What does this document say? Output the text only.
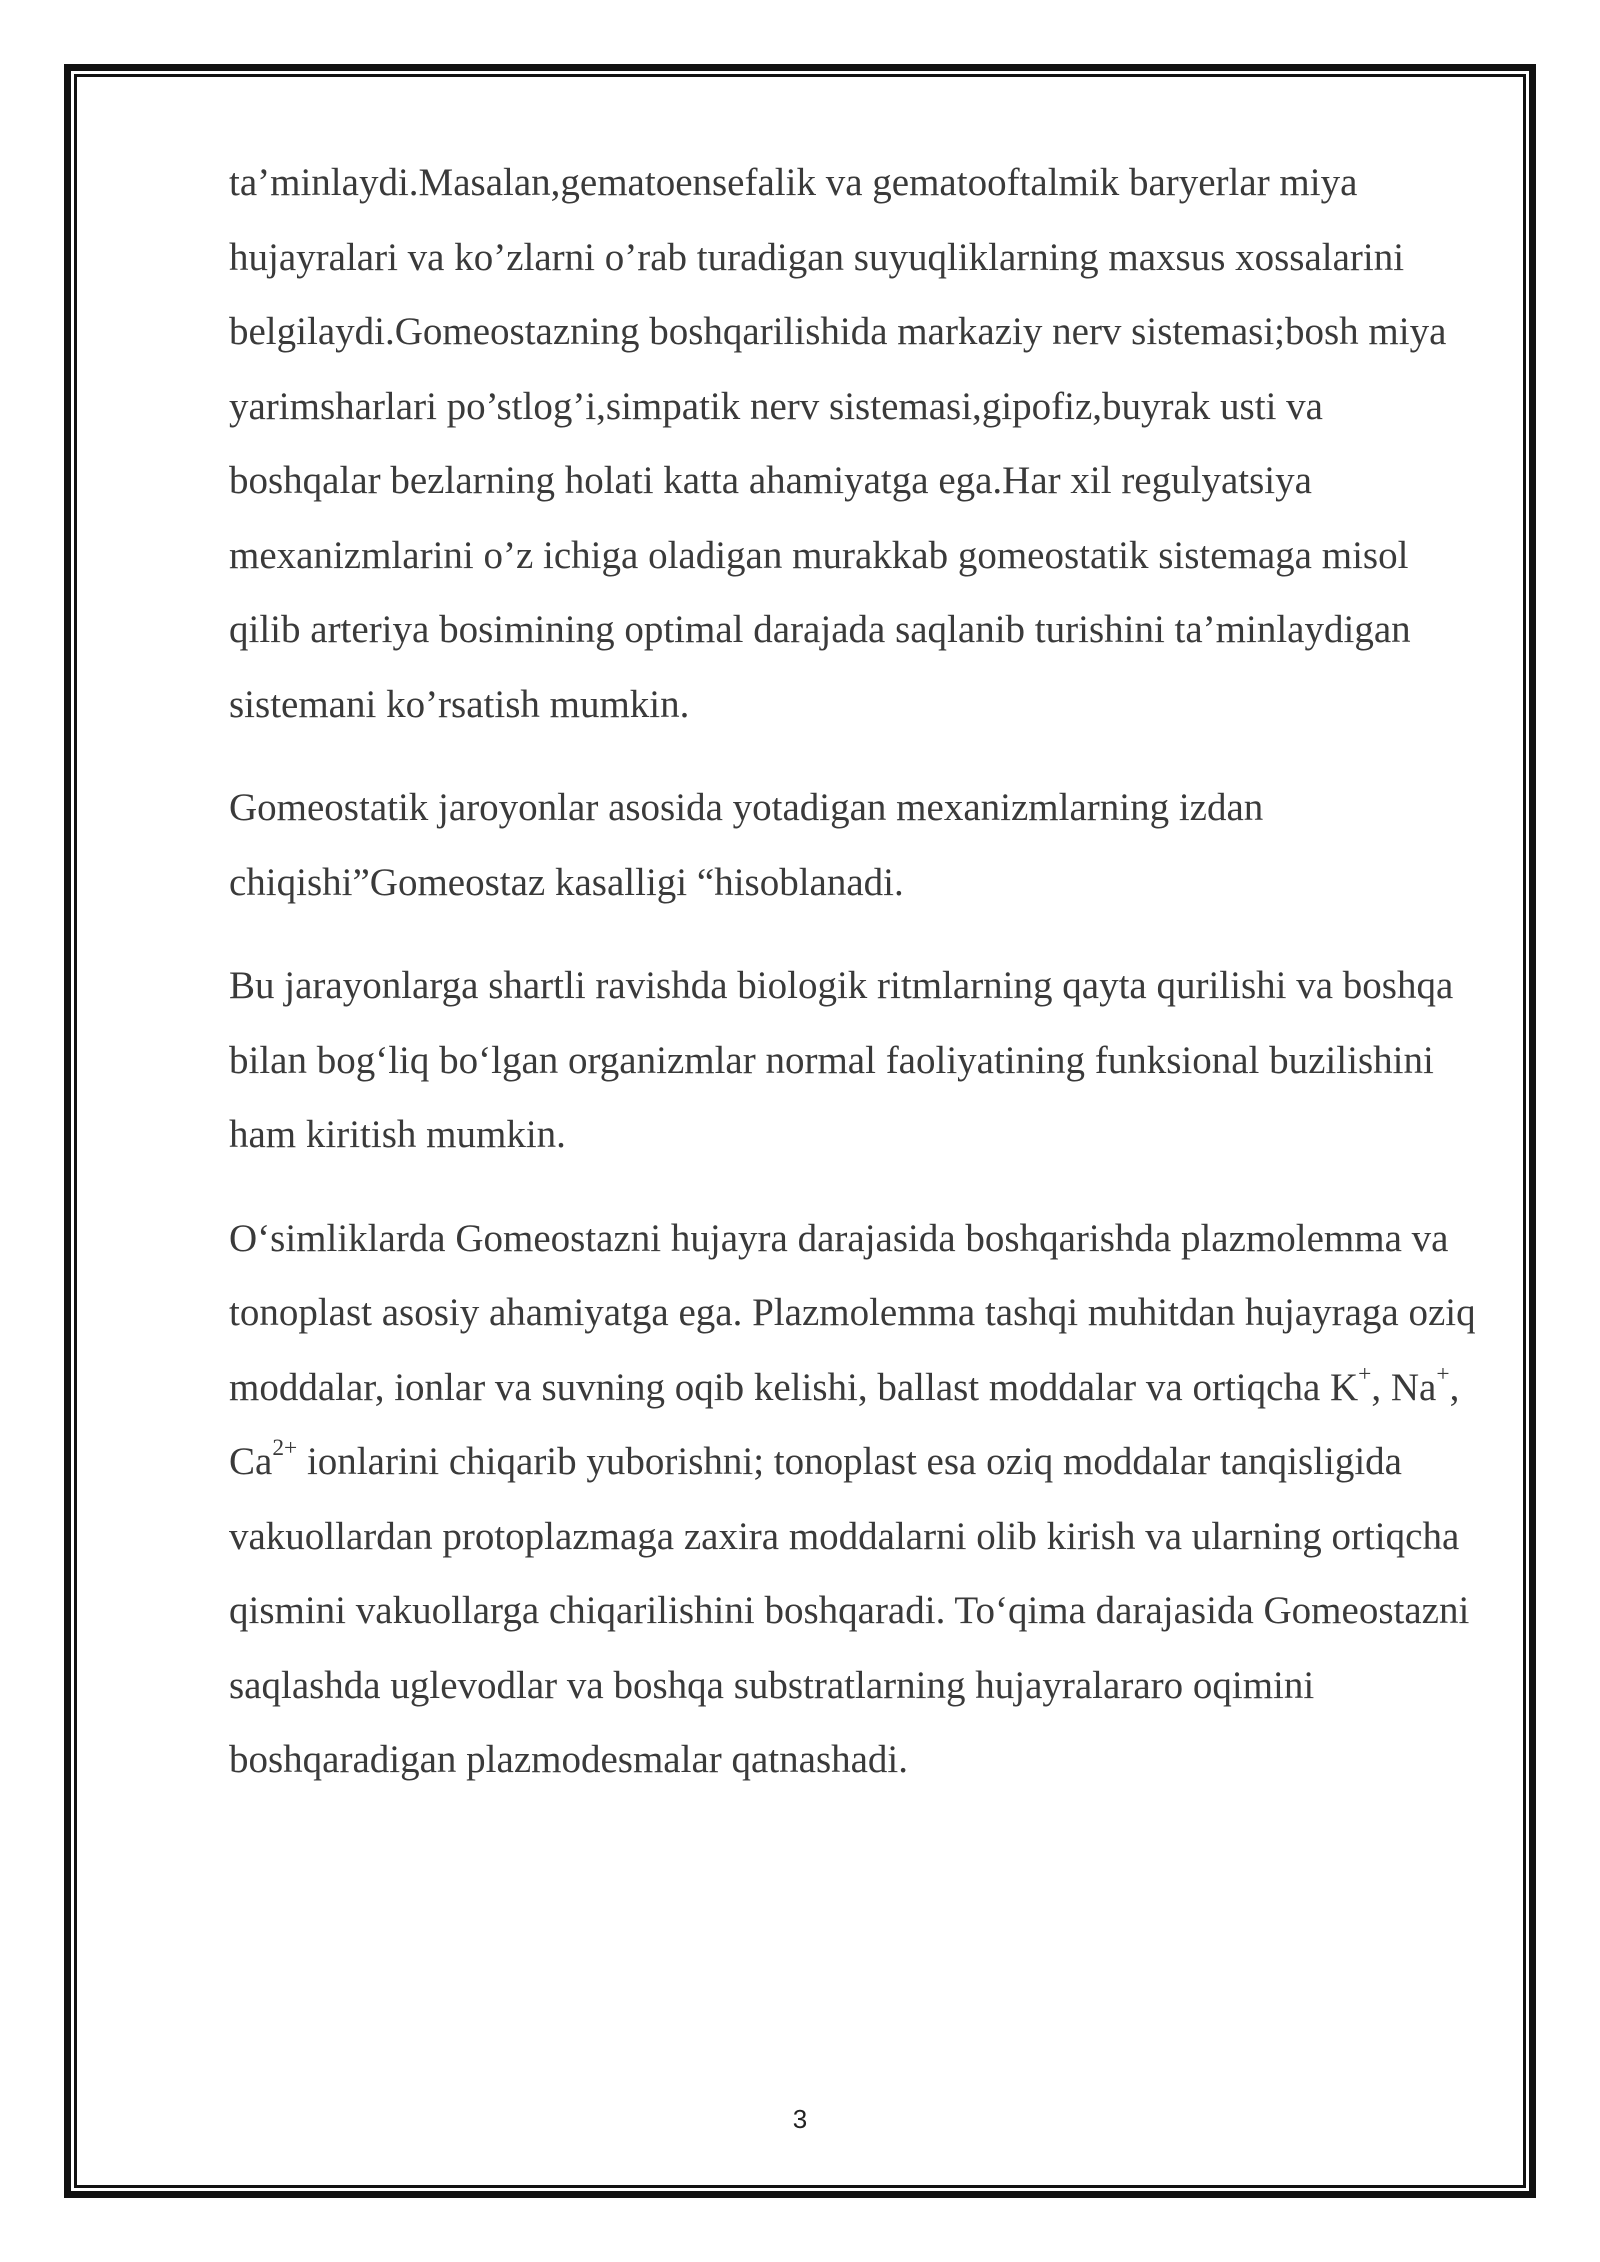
ta’minlaydi.Masalan,gematoensefalik va gematooftalmik baryerlar miya hujayralari va ko’zlarni o’rab turadigan suyuqliklarning maxsus xossalarini belgilaydi.Gomeostazning boshqarilishida markaziy nerv sistemasi;bosh miya yarimsharlari po’stlog’i,simpatik nerv sistemasi,gipofiz,buyrak usti va boshqalar bezlarning holati katta ahamiyatga ega.Har xil regulyatsiya mexanizmlarini o’z ichiga oladigan murakkab gomeostatik sistemaga misol qilib arteriya bosimining optimal darajada saqlanib turishini ta’minlaydigan sistemani ko’rsatish mumkin.

Gomeostatik jaroyonlar asosida yotadigan mexanizmlarning izdan chiqishi”Gomeostaz kasalligi “hisoblanadi.

Bu jarayonlarga shartli ravishda biologik ritmlarning qayta qurilishi va boshqa bilan bog‘liq bo‘lgan organizmlar normal faoliyatining funksional buzilishini ham kiritish mumkin.

O‘simliklarda Gomeostazni hujayra darajasida boshqarishda plazmolemma va tonoplast asosiy ahamiyatga ega. Plazmolemma tashqi muhitdan hujayraga oziq moddalar, ionlar va suvning oqib kelishi, ballast moddalar va ortiqcha K+, Na+, $Ca^{2+}$ ionlarini chiqarib yuborishni; tonoplast esa oziq moddalar tanqisligida vakuollardan protoplazmaga zaxira moddalarni olib kirish va ularning ortiqcha qismini vakuollarga chiqarilishini boshqaradi. To‘qima darajasida Gomeostazni saqlashda uglevodlar va boshqa substratlarning hujayralararo oqimini boshqaradigan plazmodesmalar qatnashadi.

3
